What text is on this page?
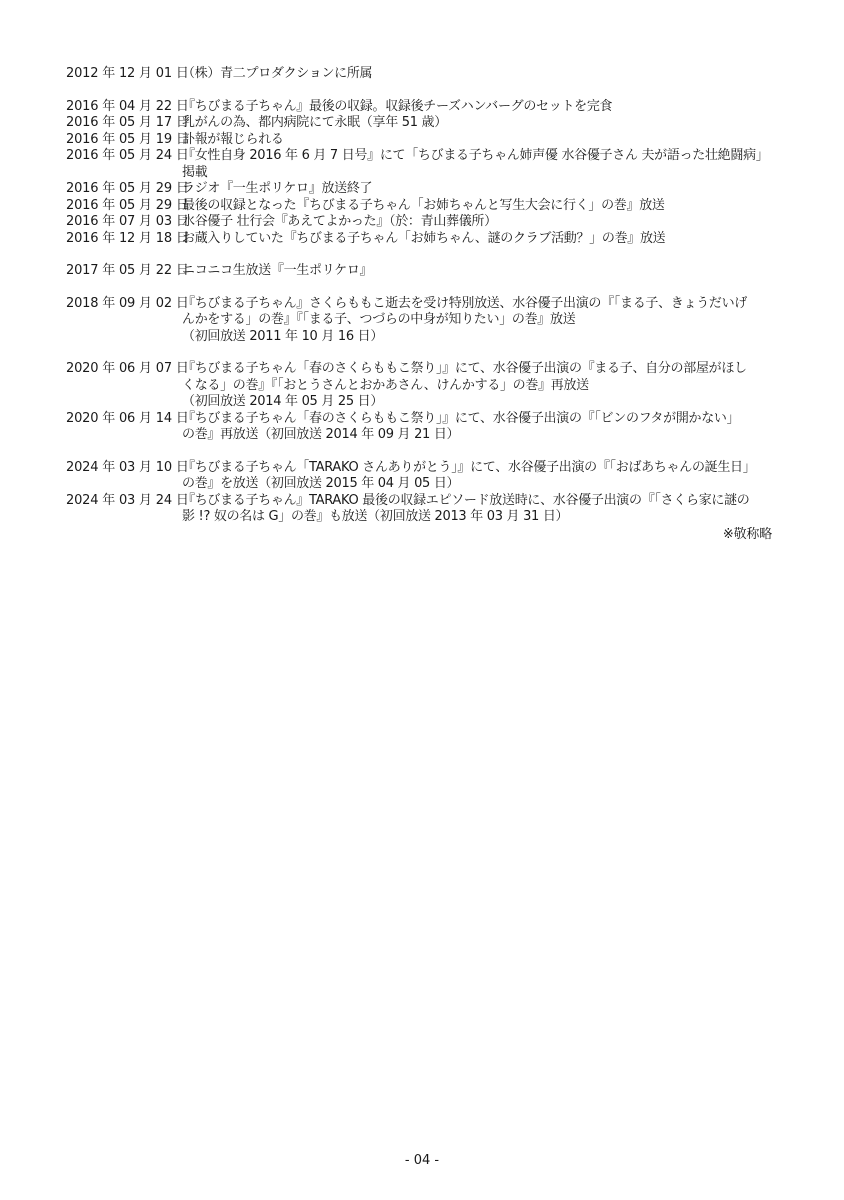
2012 年 12 月 01 日
（株）青二プロダクションに所属
2016 年 04 月 22 日
『ちびまる子ちゃん』最後の収録。収録後チーズハンバーグのセットを完食
2016 年 05 月 17 日
乳がんの為、都内病院にて永眠（享年 51 歳）
2016 年 05 月 19 日
訃報が報じられる
2016 年 05 月 24 日
『女性自身 2016 年 6 月 7 日号』にて「ちびまる子ちゃん姉声優 水谷優子さん 夫が語った壮絶闘病」
掲載
2016 年 05 月 29 日
ラジオ『一生ポリケロ』放送終了
2016 年 05 月 29 日
最後の収録となった『ちびまる子ちゃん「お姉ちゃんと写生大会に行く」の巻』放送
2016 年 07 月 03 日
水谷優子 壮行会『あえてよかった』（於：青山葬儀所）
2016 年 12 月 18 日
お蔵入りしていた『ちびまる子ちゃん「お姉ちゃん、謎のクラブ活動？」の巻』放送
2017 年 05 月 22 日
ニコニコ生放送『一生ポリケロ』
2018 年 09 月 02 日
『ちびまる子ちゃん』さくらももこ逝去を受け特別放送、水谷優子出演の『「まる子、きょうだいげ
んかをする」の巻』『「まる子、つづらの中身が知りたい」の巻』放送
（初回放送 2011 年 10 月 16 日）
2020 年 06 月 07 日
『ちびまる子ちゃん「春のさくらももこ祭り」』にて、水谷優子出演の『まる子、自分の部屋がほし
くなる」の巻』『「おとうさんとおかあさん、けんかする」の巻』再放送
（初回放送 2014 年 05 月 25 日）
2020 年 06 月 14 日
『ちびまる子ちゃん「春のさくらももこ祭り」』にて、水谷優子出演の『「ビンのフタが開かない」
の巻』再放送（初回放送 2014 年 09 月 21 日）
2024 年 03 月 10 日
『ちびまる子ちゃん「TARAKO さんありがとう」』にて、水谷優子出演の『「おばあちゃんの誕生日」
の巻』を放送（初回放送 2015 年 04 月 05 日）
2024 年 03 月 24 日
『ちびまる子ちゃん』TARAKO 最後の収録エピソード放送時に、水谷優子出演の『「さくら家に謎の
影 !? 奴の名は G」の巻』も放送（初回放送 2013 年 03 月 31 日）
※敬称略
- 04 -
